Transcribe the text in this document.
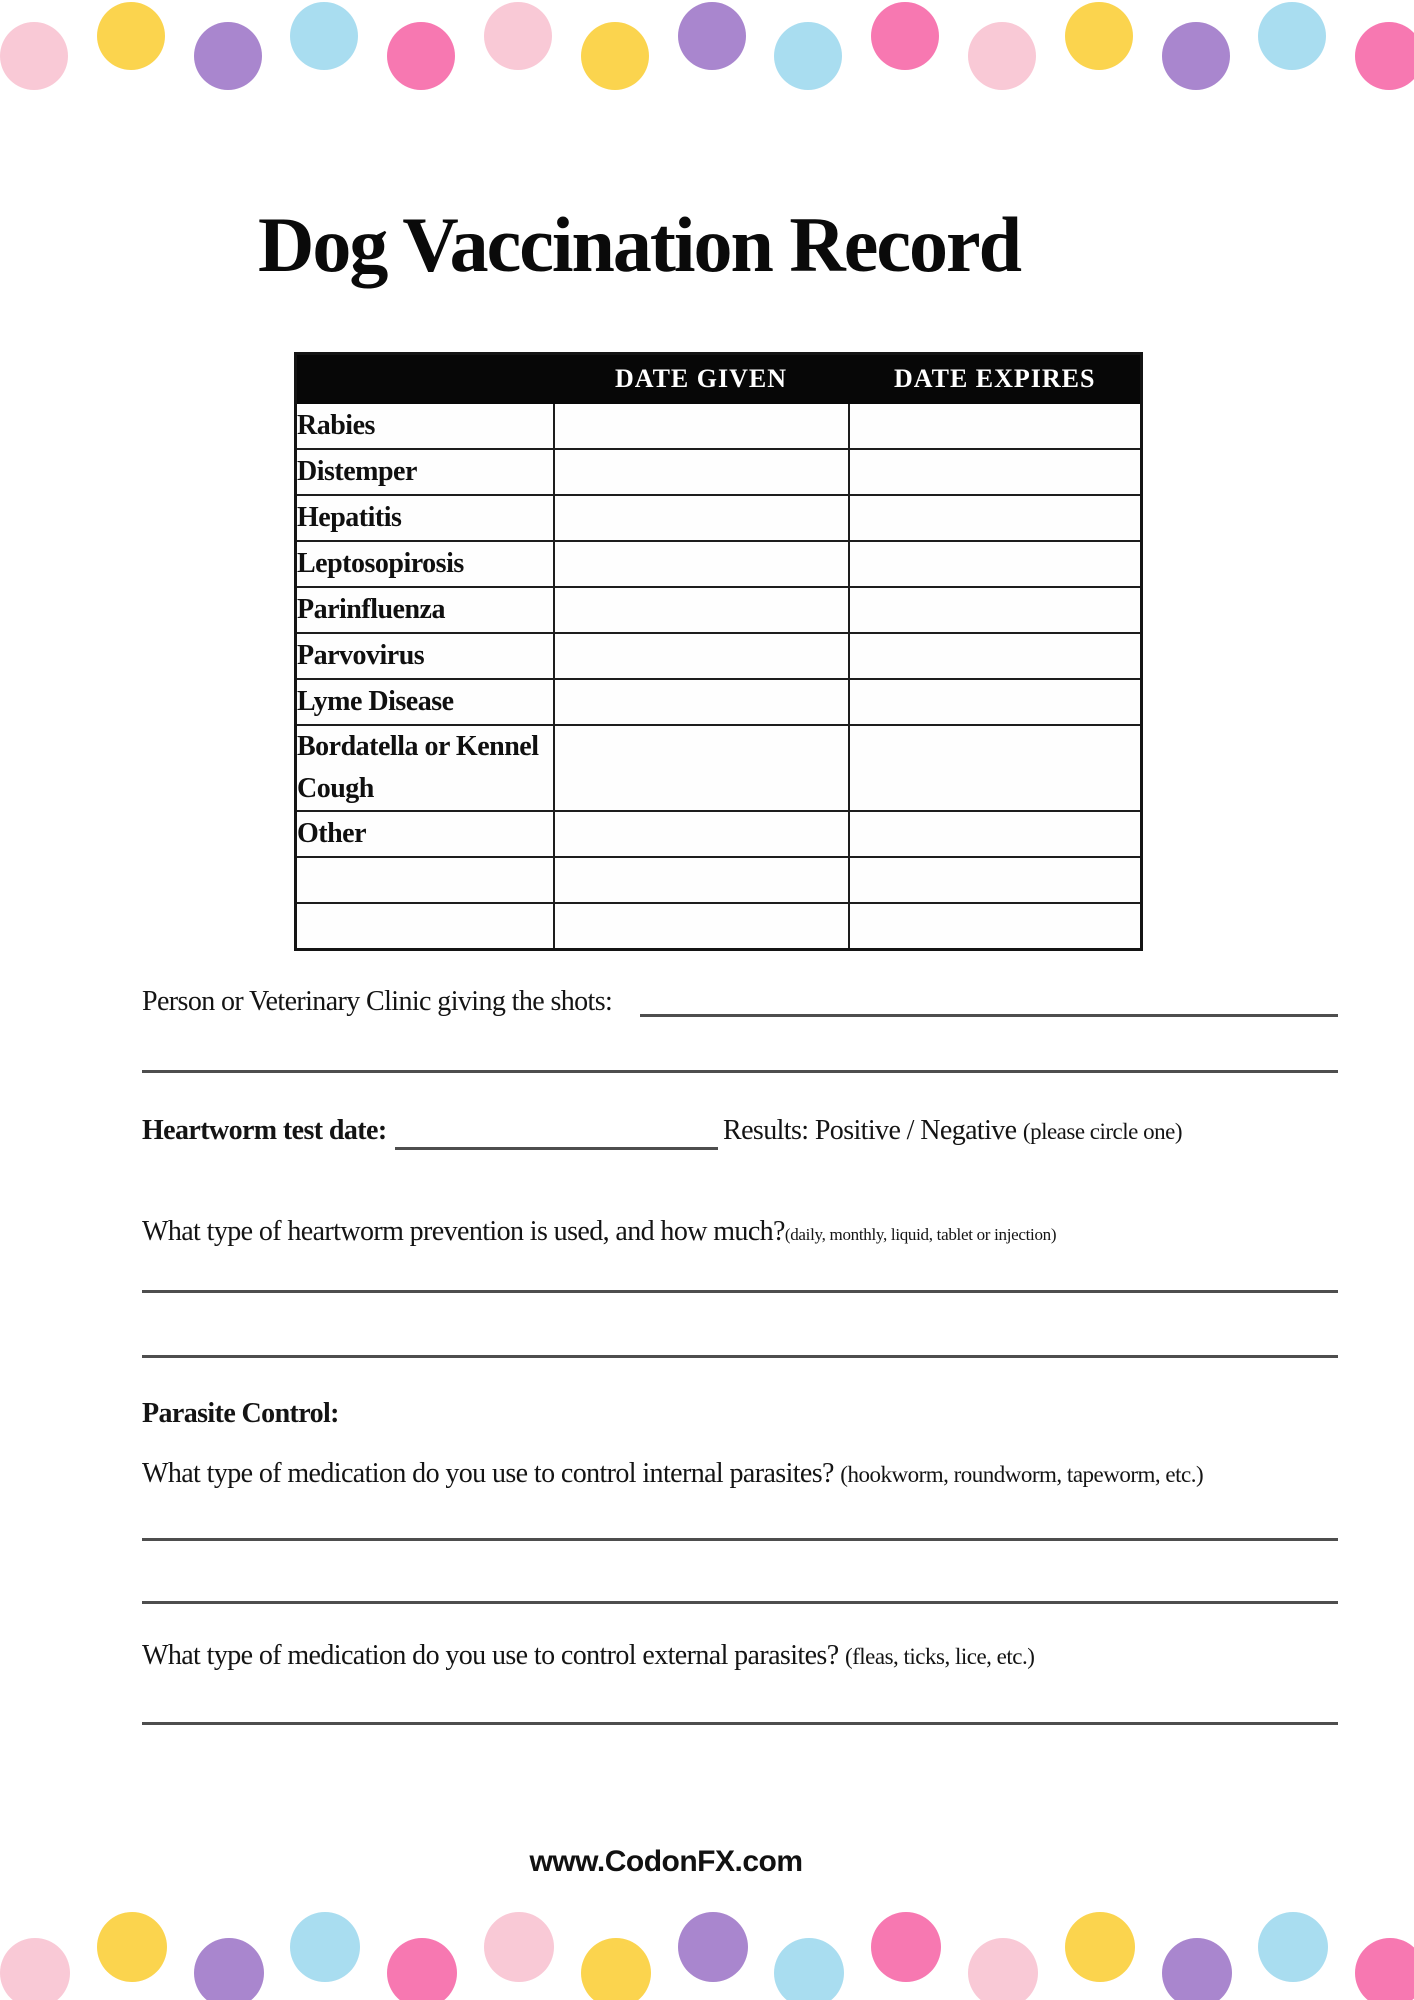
Dog Vaccination Record
	DATE GIVEN	DATE EXPIRES
Rabies		
Distemper		
Hepatitis		
Leptosopirosis		
Parinfluenza		
Parvovirus		
Lyme Disease		
Bordatella or Kennel Cough		
Other		

Person or Veterinary Clinic giving the shots:
Heartworm test date:	Results: Positive / Negative (please circle one)
What type of heartworm prevention is used, and how much?(daily, monthly, liquid, tablet or injection)
Parasite Control:
What type of medication do you use to control internal parasites? (hookworm, roundworm, tapeworm, etc.)
What type of medication do you use to control external parasites? (fleas, ticks, lice, etc.)
www.CodonFX.com
